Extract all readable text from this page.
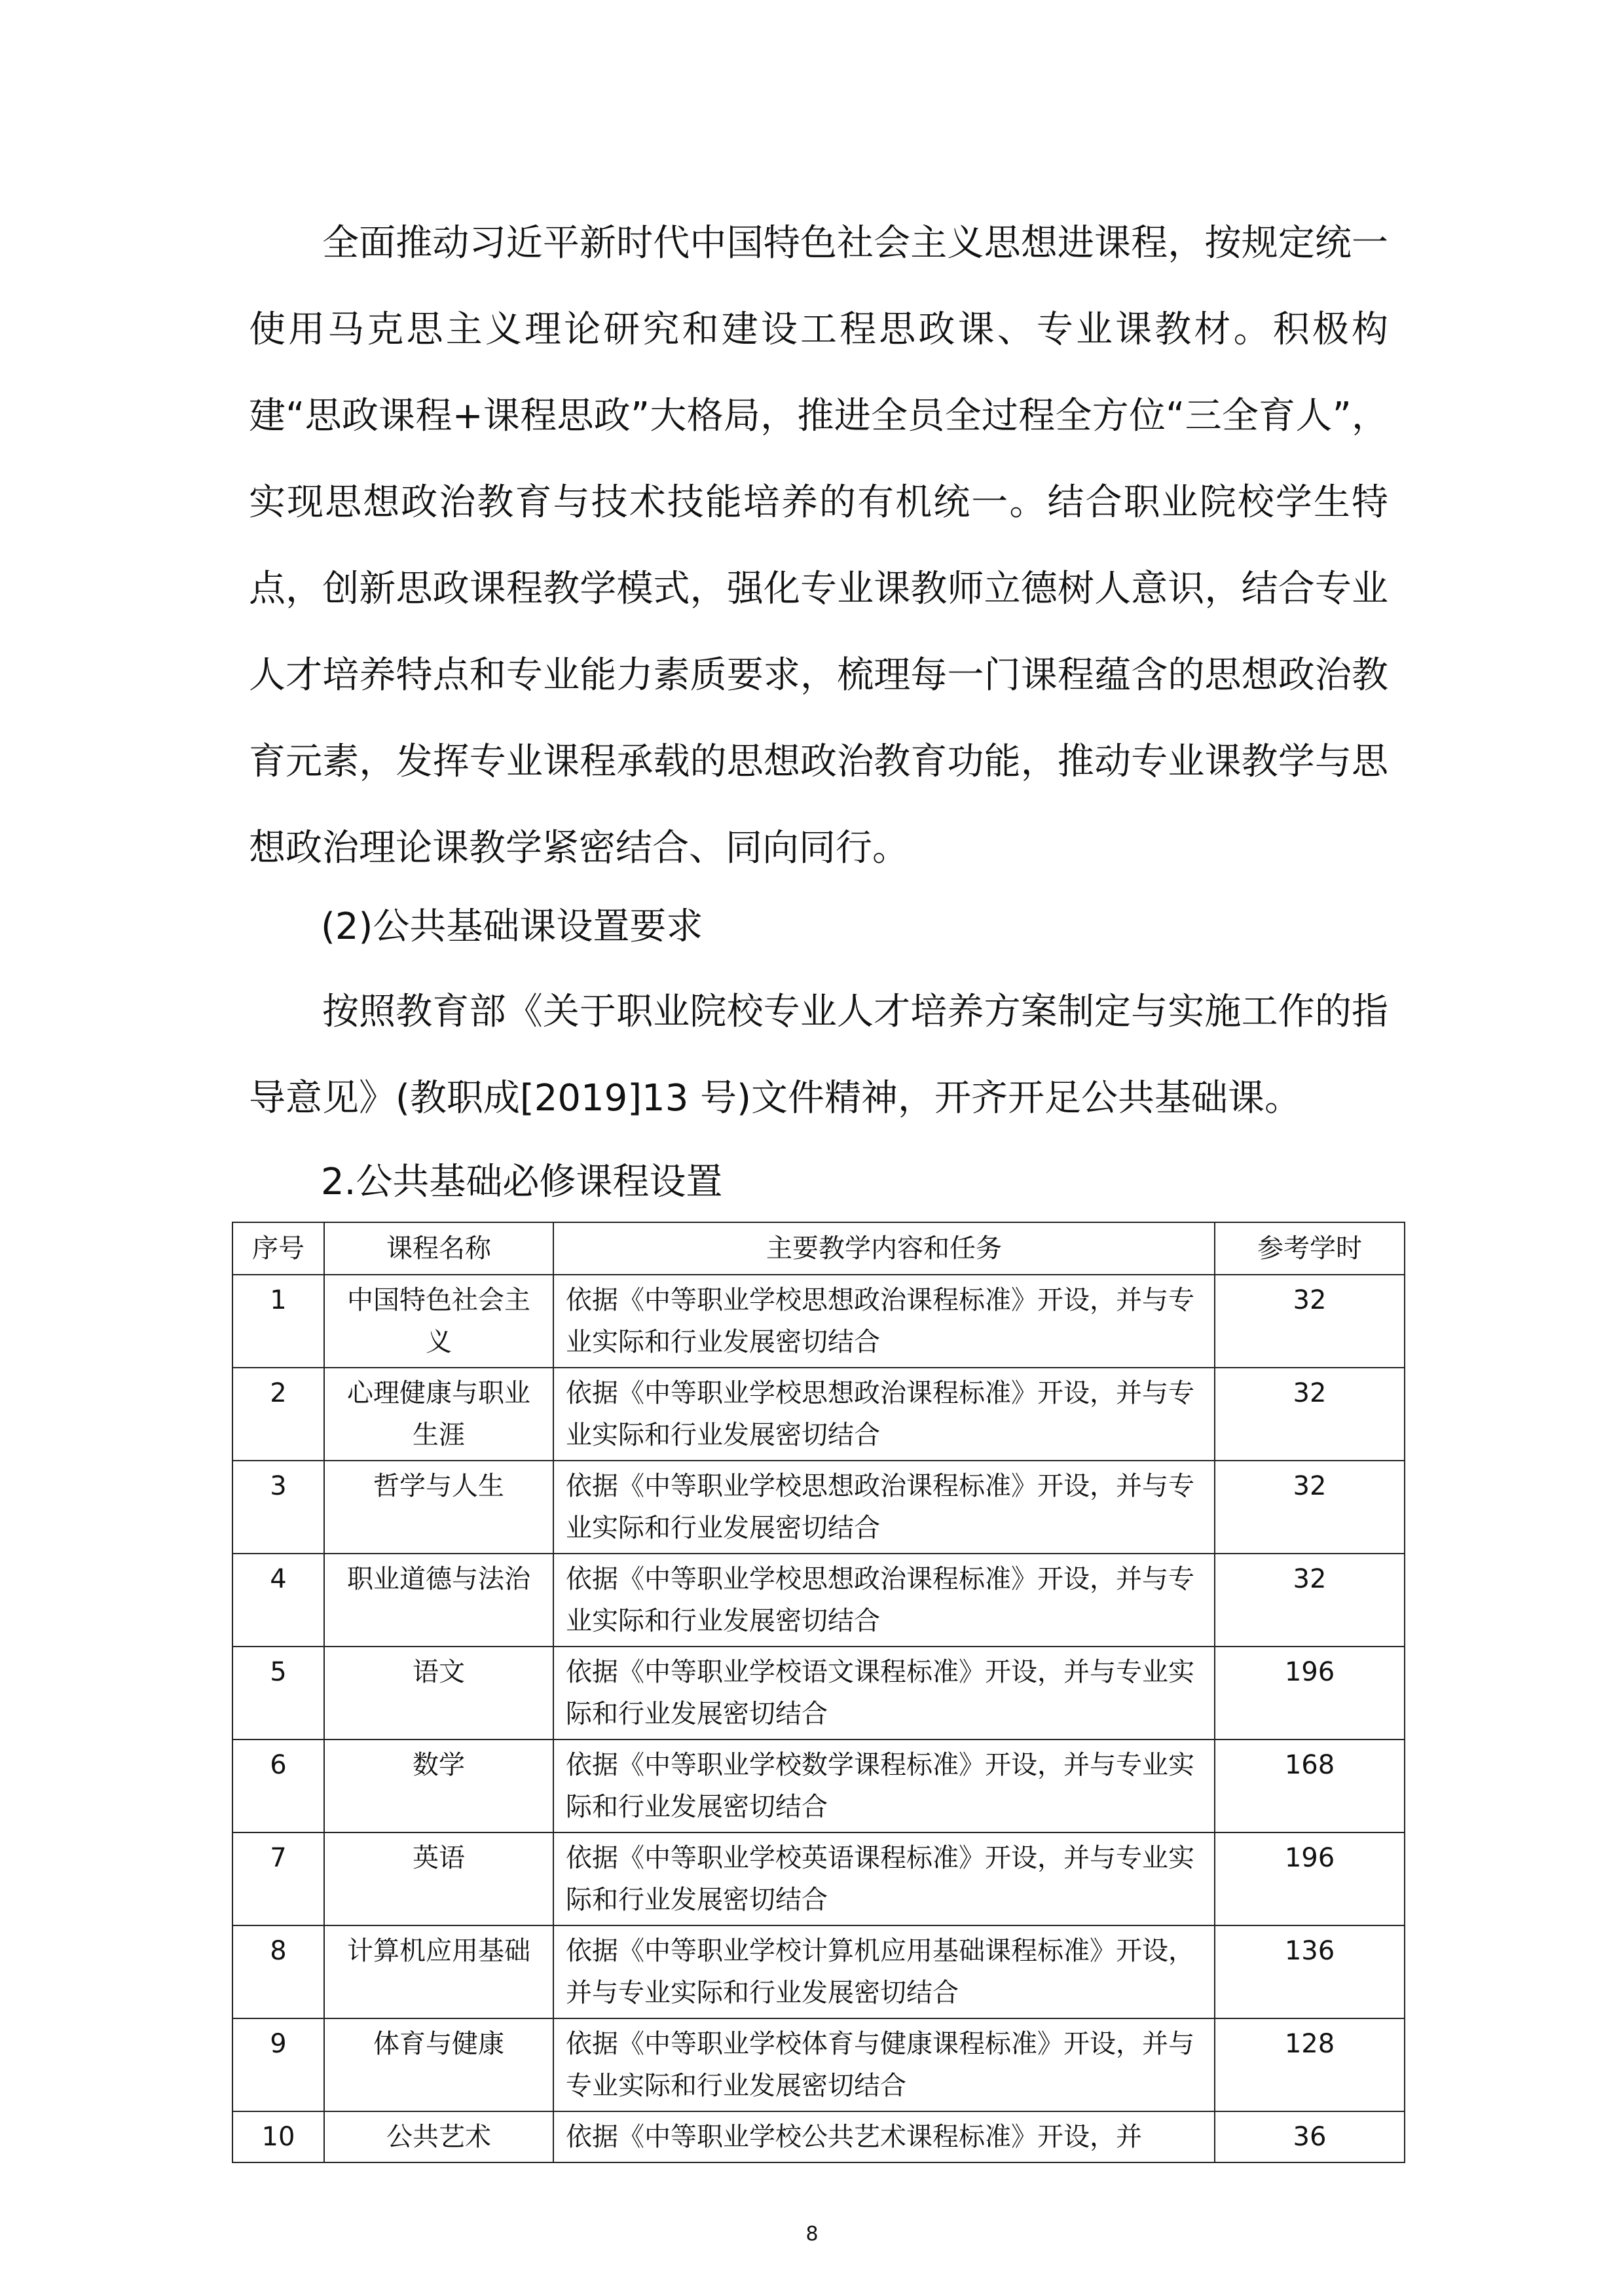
全面推动习近平新时代中国特色社会主义思想进课程，按规定统一使用马克思主义理论研究和建设工程思政课、专业课教材。积极构建“思政课程+课程思政”大格局，推进全员全过程全方位“三全育人”，实现思想政治教育与技术技能培养的有机统一。结合职业院校学生特点，创新思政课程教学模式，强化专业课教师立德树人意识，结合专业人才培养特点和专业能力素质要求，梳理每一门课程蕴含的思想政治教育元素，发挥专业课程承载的思想政治教育功能，推动专业课教学与思想政治理论课教学紧密结合、同向同行。

(2)公共基础课设置要求

按照教育部《关于职业院校专业人才培养方案制定与实施工作的指导意见》(教职成[2019]13 号)文件精神，开齐开足公共基础课。

2.公共基础必修课程设置

序号	课程名称	主要教学内容和任务	参考学时
1	中国特色社会主义	依据《中等职业学校思想政治课程标准》开设，并与专业实际和行业发展密切结合	32
2	心理健康与职业生涯	依据《中等职业学校思想政治课程标准》开设，并与专业实际和行业发展密切结合	32
3	哲学与人生	依据《中等职业学校思想政治课程标准》开设，并与专业实际和行业发展密切结合	32
4	职业道德与法治	依据《中等职业学校思想政治课程标准》开设，并与专业实际和行业发展密切结合	32
5	语文	依据《中等职业学校语文课程标准》开设，并与专业实际和行业发展密切结合	196
6	数学	依据《中等职业学校数学课程标准》开设，并与专业实际和行业发展密切结合	168
7	英语	依据《中等职业学校英语课程标准》开设，并与专业实际和行业发展密切结合	196
8	计算机应用基础	依据《中等职业学校计算机应用基础课程标准》开设，并与专业实际和行业发展密切结合	136
9	体育与健康	依据《中等职业学校体育与健康课程标准》开设，并与专业实际和行业发展密切结合	128
10	公共艺术	依据《中等职业学校公共艺术课程标准》开设，并	36
8
